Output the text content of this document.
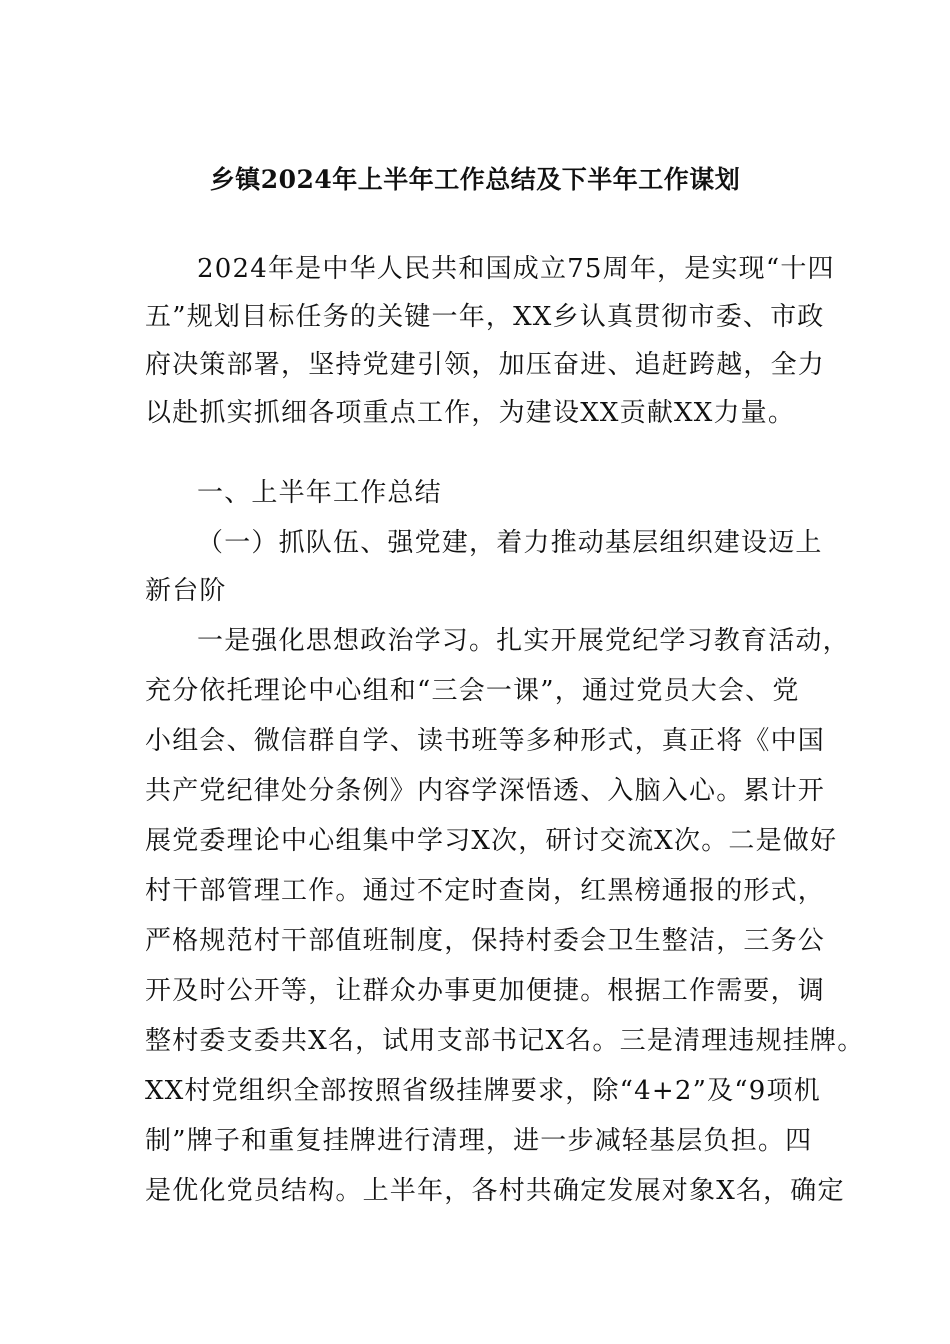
乡镇2024年上半年工作总结及下半年工作谋划
2024年是中华人民共和国成立75周年，是实现“十四
五”规划目标任务的关键一年，XX乡认真贯彻市委、市政
府决策部署，坚持党建引领，加压奋进、追赶跨越，全力
以赴抓实抓细各项重点工作，为建设XX贡献XX力量。
一、上半年工作总结
（一）抓队伍、强党建，着力推动基层组织建设迈上
新台阶
一是强化思想政治学习。扎实开展党纪学习教育活动，
充分依托理论中心组和“三会一课”，通过党员大会、党
小组会、微信群自学、读书班等多种形式，真正将《中国
共产党纪律处分条例》内容学深悟透、入脑入心。累计开
展党委理论中心组集中学习X次，研讨交流X次。二是做好
村干部管理工作。通过不定时查岗，红黑榜通报的形式，
严格规范村干部值班制度，保持村委会卫生整洁，三务公
开及时公开等，让群众办事更加便捷。根据工作需要，调
整村委支委共X名，试用支部书记X名。三是清理违规挂牌。
XX村党组织全部按照省级挂牌要求，除“4+2”及“9项机
制”牌子和重复挂牌进行清理，进一步减轻基层负担。四
是优化党员结构。上半年，各村共确定发展对象X名，确定
